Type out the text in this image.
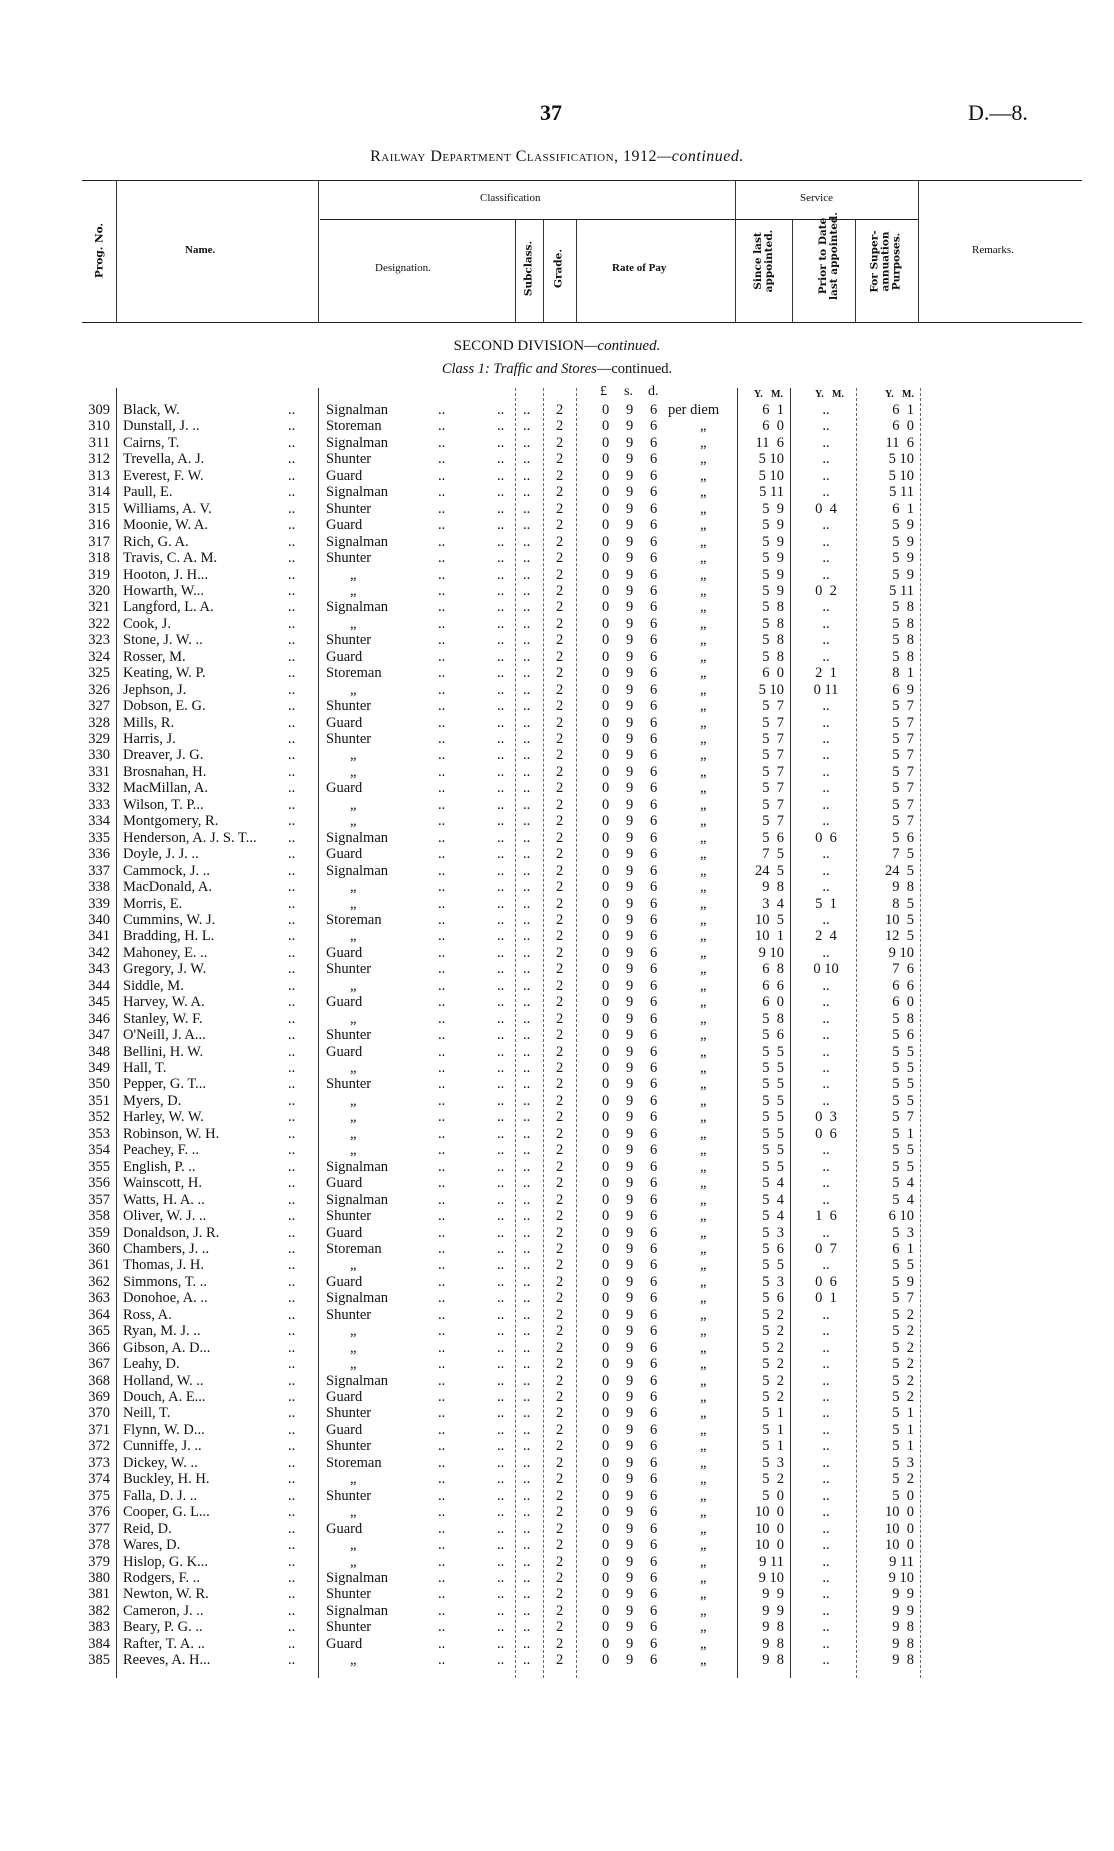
37	D.—8.
Railway Department Classification, 1912—continued.
Prog. No.	Name.
Classification
Designation.	Subclass. Grade.	Rate of Pay
Service
Since last appointed.	Prior to Date last appointed.	For Super- annuation Purposes.	Remarks.
SECOND DIVISION—continued.
Class 1: Traffic and Stores—continued.
£ s. d.	Y. M.	Y. M.	Y. M.
309 Black, W.	.. Signalman	..	.. .. 2	0 9 6 per diem	6  1	..	6  1
310 Dunstall, J. ..	.. Storeman	..	.. .. 2	0 9 6	„	6  0	..	6  0
311 Cairns, T.	.. Signalman	..	.. .. 2	0 9 6	„	11  6	..	11  6
312 Trevella, A. J.	.. Shunter	..	.. .. 2	0 9 6	„	5 10	..	5 10
313 Everest, F. W.	.. Guard	..	.. .. 2	0 9 6	„	5 10	..	5 10
314 Paull, E.	.. Signalman	..	.. .. 2	0 9 6	„	5 11	..	5 11
315 Williams, A. V.	.. Shunter	..	.. .. 2	0 9 6	„	5  9	0  4	6  1
316 Moonie, W. A.	.. Guard	..	.. .. 2	0 9 6	„	5  9	..	5  9
317 Rich, G. A.	.. Signalman	..	.. .. 2	0 9 6	„	5  9	..	5  9
318 Travis, C. A. M.	.. Shunter	..	.. .. 2	0 9 6	„	5  9	..	5  9
319 Hooton, J. H...	..	„	..	.. .. 2	0 9 6	„	5  9	..	5  9
320 Howarth, W...	..	„	..	.. .. 2	0 9 6	„	5  9	0  2	5 11
321 Langford, L. A.	.. Signalman	..	.. .. 2	0 9 6	„	5  8	..	5  8
322 Cook, J.	..	„	..	.. .. 2	0 9 6	„	5  8	..	5  8
323 Stone, J. W. ..	.. Shunter	..	.. .. 2	0 9 6	„	5  8	..	5  8
324 Rosser, M.	.. Guard	..	.. .. 2	0 9 6	„	5  8	..	5  8
325 Keating, W. P.	.. Storeman	..	.. .. 2	0 9 6	„	6  0	2  1	8  1
326 Jephson, J.	..	„	..	.. .. 2	0 9 6	„	5 10	0 11	6  9
327 Dobson, E. G.	.. Shunter	..	.. .. 2	0 9 6	„	5  7	..	5  7
328 Mills, R.	.. Guard	..	.. .. 2	0 9 6	„	5  7	..	5  7
329 Harris, J.	.. Shunter	..	.. .. 2	0 9 6	„	5  7	..	5  7
330 Dreaver, J. G.	..	„	..	.. .. 2	0 9 6	„	5  7	..	5  7
331 Brosnahan, H.	..	„	..	.. .. 2	0 9 6	„	5  7	..	5  7
332 MacMillan, A.	.. Guard	..	.. .. 2	0 9 6	„	5  7	..	5  7
333 Wilson, T. P...	..	„	..	.. .. 2	0 9 6	„	5  7	..	5  7
334 Montgomery, R.	..	„	..	.. .. 2	0 9 6	„	5  7	..	5  7
335 Henderson, A. J. S. T... .. Signalman	..	.. .. 2	0 9 6	„	5  6	0  6	5  6
336 Doyle, J. J. ..	.. Guard	..	.. .. 2	0 9 6	„	7  5	..	7  5
337 Cammock, J. ..	.. Signalman	..	.. .. 2	0 9 6	„	24  5	..	24  5
338 MacDonald, A.	..	„	..	.. .. 2	0 9 6	„	9  8	..	9  8
339 Morris, E.	..	„	..	.. .. 2	0 9 6	„	3  4	5  1	8  5
340 Cummins, W. J.	.. Storeman	..	.. .. 2	0 9 6	„	10  5	..	10  5
341 Bradding, H. L.	..	„	..	.. .. 2	0 9 6	„	10  1	2  4	12  5
342 Mahoney, E. ..	.. Guard	..	.. .. 2	0 9 6	„	9 10	..	9 10
343 Gregory, J. W.	.. Shunter	..	.. .. 2	0 9 6	„	6  8	0 10	7  6
344 Siddle, M.	..	„	..	.. .. 2	0 9 6	„	6  6	..	6  6
345 Harvey, W. A.	.. Guard	..	.. .. 2	0 9 6	„	6  0	..	6  0
346 Stanley, W. F.	..	„	..	.. .. 2	0 9 6	„	5  8	..	5  8
347 O'Neill, J. A...	.. Shunter	..	.. .. 2	0 9 6	„	5  6	..	5  6
348 Bellini, H. W.	.. Guard	..	.. .. 2	0 9 6	„	5  5	..	5  5
349 Hall, T.	..	„	..	.. .. 2	0 9 6	„	5  5	..	5  5
350 Pepper, G. T...	.. Shunter	..	.. .. 2	0 9 6	„	5  5	..	5  5
351 Myers, D.	..	„	..	.. .. 2	0 9 6	„	5  5	..	5  5
352 Harley, W. W.	..	„	..	.. .. 2	0 9 6	„	5  5	0  3	5  7
353 Robinson, W. H.	..	„	..	.. .. 2	0 9 6	„	5  5	0  6	5  1
354 Peachey, F. ..	..	„	..	.. .. 2	0 9 6	„	5  5	..	5  5
355 English, P. ..	.. Signalman	..	.. .. 2	0 9 6	„	5  5	..	5  5
356 Wainscott, H.	.. Guard	..	.. .. 2	0 9 6	„	5  4	..	5  4
357 Watts, H. A. ..	.. Signalman	..	.. .. 2	0 9 6	„	5  4	..	5  4
358 Oliver, W. J. ..	.. Shunter	..	.. .. 2	0 9 6	„	5  4	1  6	6 10
359 Donaldson, J. R.	.. Guard	..	.. .. 2	0 9 6	„	5  3	..	5  3
360 Chambers, J. ..	.. Storeman	..	.. .. 2	0 9 6	„	5  6	0  7	6  1
361 Thomas, J. H.	..	„	..	.. .. 2	0 9 6	„	5  5	..	5  5
362 Simmons, T. ..	.. Guard	..	.. .. 2	0 9 6	„	5  3	0  6	5  9
363 Donohoe, A. ..	.. Signalman	..	.. .. 2	0 9 6	„	5  6	0  1	5  7
364 Ross, A.	.. Shunter	..	.. .. 2	0 9 6	„	5  2	..	5  2
365 Ryan, M. J. ..	..	„	..	.. .. 2	0 9 6	„	5  2	..	5  2
366 Gibson, A. D...	..	„	..	.. .. 2	0 9 6	„	5  2	..	5  2
367 Leahy, D.	..	„	..	.. .. 2	0 9 6	„	5  2	..	5  2
368 Holland, W. ..	.. Signalman	..	.. .. 2	0 9 6	„	5  2	..	5  2
369 Douch, A. E...	.. Guard	..	.. .. 2	0 9 6	„	5  2	..	5  2
370 Neill, T.	.. Shunter	..	.. .. 2	0 9 6	„	5  1	..	5  1
371 Flynn, W. D...	.. Guard	..	.. .. 2	0 9 6	„	5  1	..	5  1
372 Cunniffe, J. ..	.. Shunter	..	.. .. 2	0 9 6	„	5  1	..	5  1
373 Dickey, W. ..	.. Storeman	..	.. .. 2	0 9 6	„	5  3	..	5  3
374 Buckley, H. H.	..	„	..	.. .. 2	0 9 6	„	5  2	..	5  2
375 Falla, D. J. ..	.. Shunter	..	.. .. 2	0 9 6	„	5  0	..	5  0
376 Cooper, G. L...	..	„	..	.. .. 2	0 9 6	„	10  0	..	10  0
377 Reid, D.	.. Guard	..	.. .. 2	0 9 6	„	10  0	..	10  0
378 Wares, D.	..	„	..	.. .. 2	0 9 6	„	10  0	..	10  0
379 Hislop, G. K...	..	„	..	.. .. 2	0 9 6	„	9 11	..	9 11
380 Rodgers, F. ..	.. Signalman	..	.. .. 2	0 9 6	„	9 10	..	9 10
381 Newton, W. R.	.. Shunter	..	.. .. 2	0 9 6	„	9  9	..	9  9
382 Cameron, J. ..	.. Signalman	..	.. .. 2	0 9 6	„	9  9	..	9  9
383 Beary, P. G. ..	.. Shunter	..	.. .. 2	0 9 6	„	9  8	..	9  8
384 Rafter, T. A. ..	.. Guard	..	.. .. 2	0 9 6	„	9  8	..	9  8
385 Reeves, A. H...	..	„	..	.. .. 2	0 9 6	„	9  8	..	9  8
